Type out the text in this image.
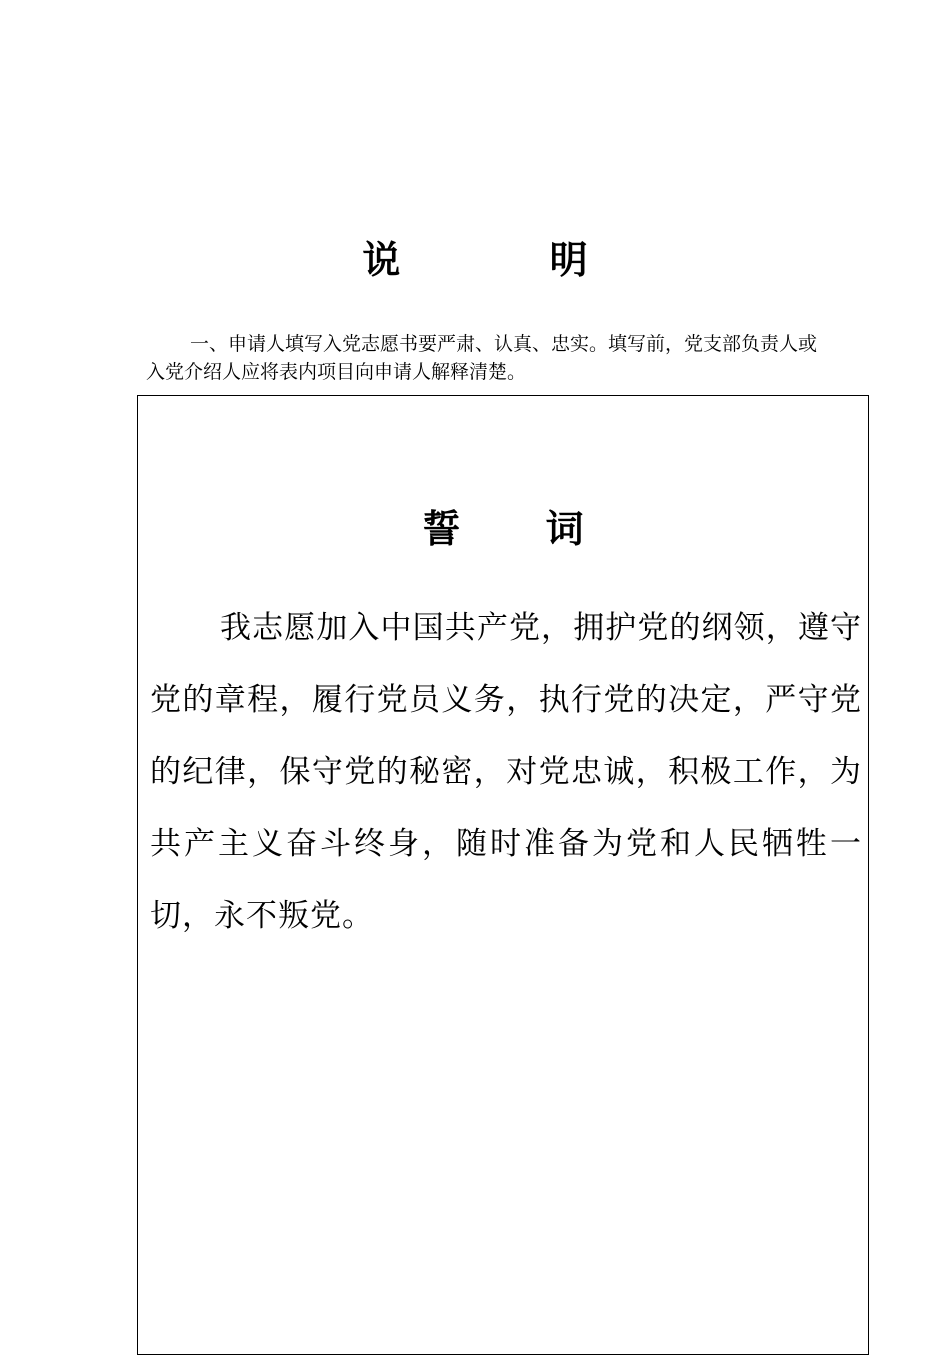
说 明
一、申请人填写入党志愿书要严肃、认真、忠实。填写前，党支部负责人或入党介绍人应将表内项目向申请人解释清楚。
誓 词
我志愿加入中国共产党，拥护党的纲领，遵守党的章程，履行党员义务，执行党的决定，严守党的纪律，保守党的秘密，对党忠诚，积极工作，为共产主义奋斗终身，随时准备为党和人民牺牲一切，永不叛党。
